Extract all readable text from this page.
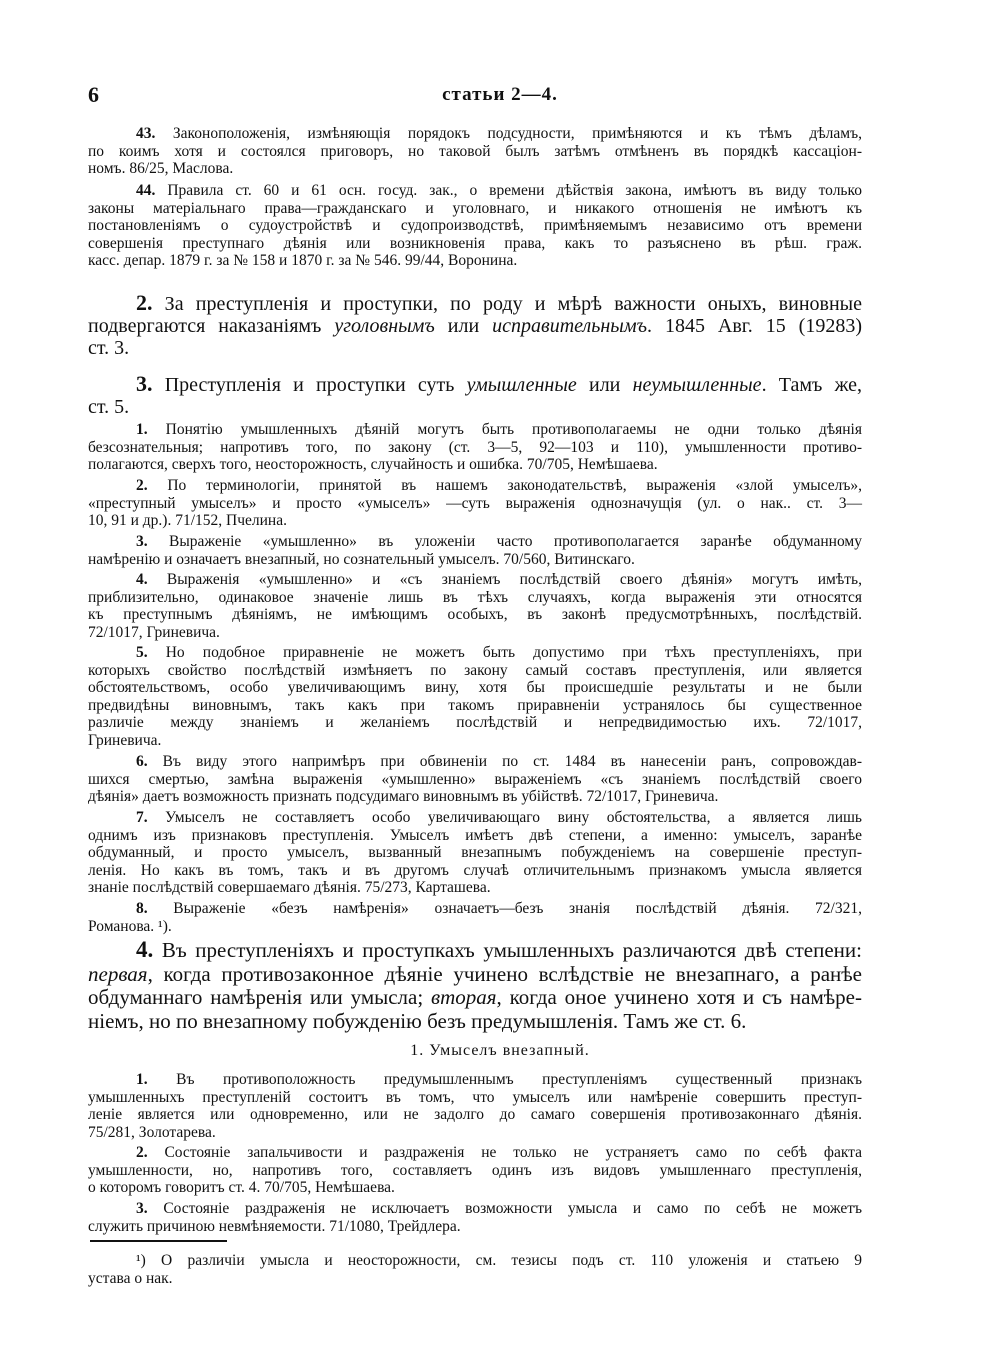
6	статьи 2—4.
43. Законоположенія, измѣняющія порядокъ подсудности, примѣняются и къ тѣмъ дѣламъ,
по коимъ хотя и состоялся приговоръ, но таковой былъ затѣмъ отмѣненъ въ порядкѣ кассаціон-
номъ. 86/25, Маслова.
44. Правила ст. 60 и 61 осн. госуд. зак., о времени дѣйствія закона, имѣютъ въ виду только
законы матеріальнаго права—гражданскаго и уголовнаго, и никакого отношенія не имѣютъ къ
постановленіямъ о судоустройствѣ и судопроизводствѣ, примѣняемымъ независимо отъ времени
совершенія преступнаго дѣянія или возникновенія права, какъ то разъяснено въ рѣш. граж.
касс. депар. 1879 г. за № 158 и 1870 г. за № 546. 99/44, Воронина.
2. За преступленія и проступки, по роду и мѣрѣ важности оныхъ, виновные
подвергаются наказаніямъ уголовнымъ или исправительнымъ. 1845 Авг. 15 (19283)
ст. 3.
3. Преступленія и проступки суть умышленные или неумышленные. Тамъ же,
ст. 5.
1. Понятію умышленныхъ дѣяній могутъ быть противополагаемы не одни только дѣянія
безсознательныя; напротивъ того, по закону (ст. 3—5, 92—103 и 110), умышленности противо-
полагаются, сверхъ того, неосторожность, случайность и ошибка. 70/705, Немѣшаева.
2. По терминологіи, принятой въ нашемъ законодательствѣ, выраженія «злой умыселъ»,
«преступный умыселъ» и просто «умыселъ» —суть выраженія однозначущія (ул. о нак.. ст. 3—
10, 91 и др.). 71/152, Пчелина.
3. Выраженіе «умышленно» въ уложеніи часто противополагается заранѣе обдуманному
намѣренію и означаетъ внезапный, но сознательный умыселъ. 70/560, Витинскаго.
4. Выраженія «умышленно» и «съ знаніемъ послѣдствій своего дѣянія» могутъ имѣть,
приблизительно, одинаковое значеніе лишь въ тѣхъ случаяхъ, когда выраженія эти относятся
къ преступнымъ дѣяніямъ, не имѣющимъ особыхъ, въ законѣ предусмотрѣнныхъ, послѣдствій.
72/1017, Гриневича.
5. Но подобное приравненіе не можетъ быть допустимо при тѣхъ преступленіяхъ, при
которыхъ свойство послѣдствій измѣняетъ по закону самый составъ преступленія, или является
обстоятельствомъ, особо увеличивающимъ вину, хотя бы происшедшіе результаты и не были
предвидѣны виновнымъ, такъ какъ при такомъ приравненіи устранялось бы существенное
различіе между знаніемъ и желаніемъ послѣдствій и непредвидимостью ихъ. 72/1017,
Гриневича.
6. Въ виду этого напримѣръ при обвиненіи по ст. 1484 въ нанесеніи ранъ, сопровождав-
шихся смертью, замѣна выраженія «умышленно» выраженіемъ «съ знаніемъ послѣдствій своего
дѣянія» даетъ возможность признать подсудимаго виновнымъ въ убійствѣ. 72/1017, Гриневича.
7. Умыселъ не составляетъ особо увеличивающаго вину обстоятельства, а является лишь
однимъ изъ признаковъ преступленія. Умыселъ имѣетъ двѣ степени, а именно: умыселъ, заранѣе
обдуманный, и просто умыселъ, вызванный внезапнымъ побужденіемъ на совершеніе преступ-
ленія. Но какъ въ томъ, такъ и въ другомъ случаѣ отличительнымъ признакомъ умысла является
знаніе послѣдствій совершаемаго дѣянія. 75/273, Карташева.
8. Выраженіе «безъ намѣренія» означаетъ—безъ знанія послѣдствій дѣянія. 72/321,
Романова. ¹).
4. Въ преступленіяхъ и проступкахъ умышленныхъ различаются двѣ степени:
первая, когда противозаконное дѣяніе учинено вслѣдствіе не внезапнаго, а ранѣе
обдуманнаго намѣренія или умысла; вторая, когда оное учинено хотя и съ намѣре-
ніемъ, но по внезапному побужденію безъ предумышленія. Тамъ же ст. 6.
1. Въ противоположность предумышленнымъ преступленіямъ существенный признакъ
умышленныхъ преступленій состоитъ въ томъ, что умыселъ или намѣреніе совершить преступ-
леніе является или одновременно, или не задолго до самаго совершенія противозаконнаго дѣянія.
75/281, Золотарева.
2. Состояніе запальчивости и раздраженія не только не устраняетъ само по себѣ факта
умышленности, но, напротивъ того, составляетъ одинъ изъ видовъ умышленнаго преступленія,
о которомъ говоритъ ст. 4. 70/705, Немѣшаева.
3. Состояніе раздраженія не исключаетъ возможности умысла и само по себѣ не можетъ
служить причиною невмѣняемости. 71/1080, Трейдлера.
1. Умыселъ внезапный.
¹) О различіи умысла и неосторожности, см. тезисы подъ ст. 110 уложенія и статьею 9
устава о нак.
